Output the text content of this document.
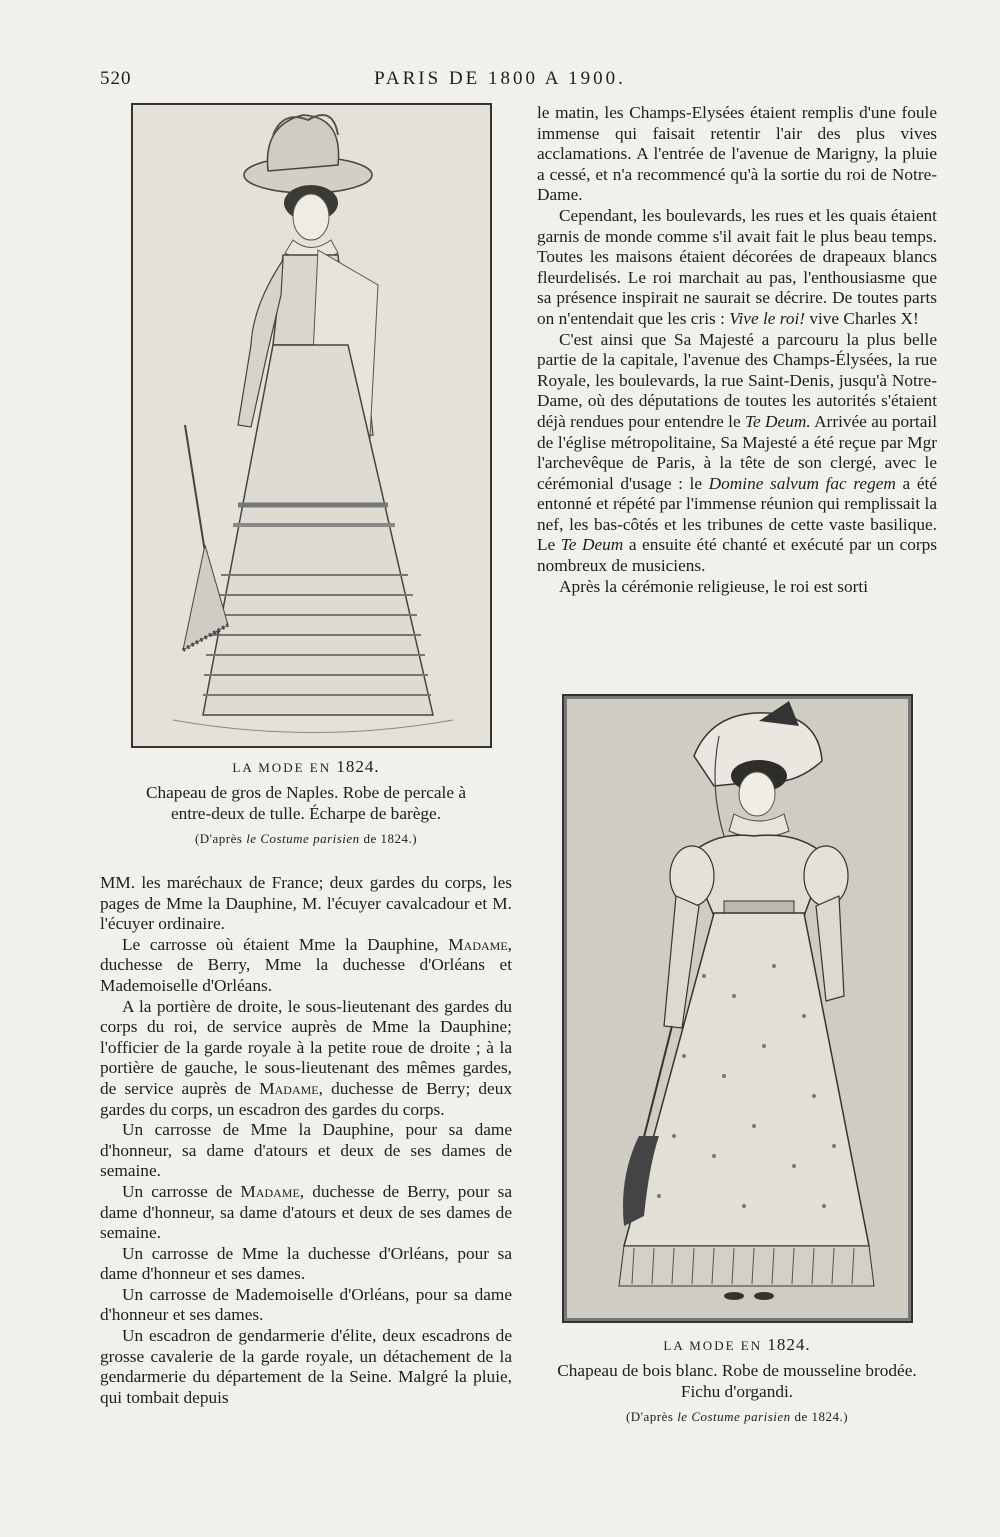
520	PARIS DE 1800 A 1900.
LA MODE EN 1824.
Chapeau de gros de Naples. Robe de percale à
entre-deux de tulle. Écharpe de barège.
(D'après le Costume parisien de 1824.)

le matin, les Champs-Elysées étaient remplis d'une foule immense qui faisait retentir l'air des plus vives acclamations. A l'entrée de l'avenue de Marigny, la pluie a cessé, et n'a recommencé qu'à la sortie du roi de Notre-Dame.

Cependant, les boulevards, les rues et les quais étaient garnis de monde comme s'il avait fait le plus beau temps. Toutes les maisons étaient décorées de drapeaux blancs fleurdelisés. Le roi marchait au pas, l'enthousiasme que sa présence inspirait ne saurait se décrire. De toutes parts on n'entendait que les cris : Vive le roi! vive Charles X!

C'est ainsi que Sa Majesté a parcouru la plus belle partie de la capitale, l'avenue des Champs-Élysées, la rue Royale, les boulevards, la rue Saint-Denis, jusqu'à Notre-Dame, où des députations de toutes les autorités s'étaient déjà rendues pour entendre le Te Deum. Arrivée au portail de l'église métropolitaine, Sa Majesté a été reçue par Mgr l'archevêque de Paris, à la tête de son clergé, avec le cérémonial d'usage : le Domine salvum fac regem a été entonné et répété par l'immense réunion qui remplissait la nef, les bas-côtés et les tribunes de cette vaste basilique. Le Te Deum a ensuite été chanté et exécuté par un corps nombreux de musiciens.

Après la cérémonie religieuse, le roi est sorti

LA MODE EN 1824.
Chapeau de bois blanc. Robe de mousseline brodée.
Fichu d'organdi.
(D'après le Costume parisien de 1824.)

MM. les maréchaux de France; deux gardes du corps, les pages de Mme la Dauphine, M. l'écuyer cavalcadour et M. l'écuyer ordinaire.

Le carrosse où étaient Mme la Dauphine, Madame, duchesse de Berry, Mme la duchesse d'Orléans et Mademoiselle d'Orléans.

A la portière de droite, le sous-lieutenant des gardes du corps du roi, de service auprès de Mme la Dauphine; l'officier de la garde royale à la petite roue de droite ; à la portière de gauche, le sous-lieutenant des mêmes gardes, de service auprès de Madame, duchesse de Berry; deux gardes du corps, un escadron des gardes du corps.

Un carrosse de Mme la Dauphine, pour sa dame d'honneur, sa dame d'atours et deux de ses dames de semaine.

Un carrosse de Madame, duchesse de Berry, pour sa dame d'honneur, sa dame d'atours et deux de ses dames de semaine.

Un carrosse de Mme la duchesse d'Orléans, pour sa dame d'honneur et ses dames.

Un carrosse de Mademoiselle d'Orléans, pour sa dame d'honneur et ses dames.

Un escadron de gendarmerie d'élite, deux escadrons de grosse cavalerie de la garde royale, un détachement de la gendarmerie du département de la Seine. Malgré la pluie, qui tombait depuis
